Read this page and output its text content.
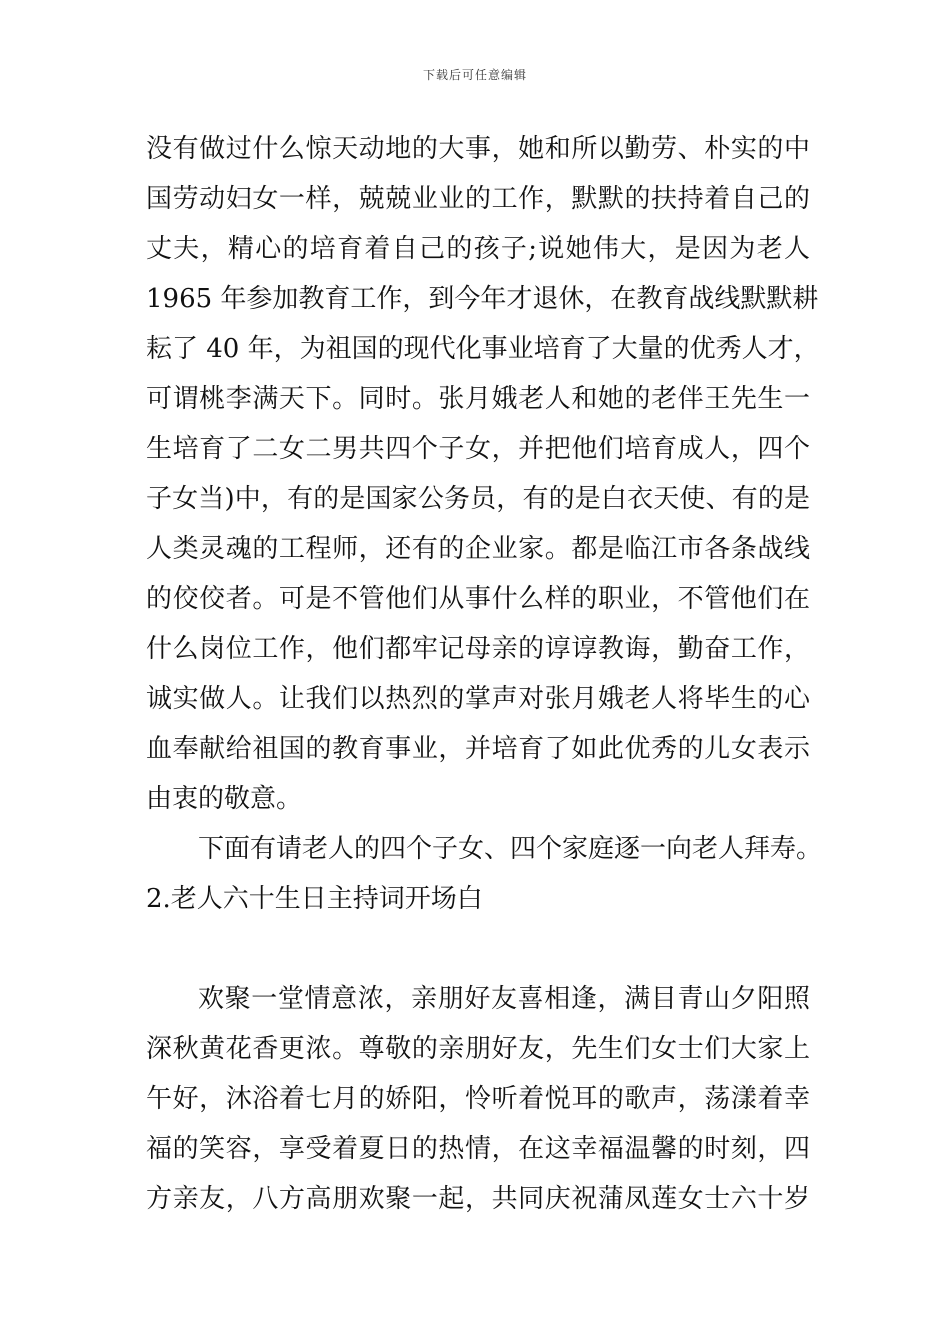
下载后可任意编辑
没有做过什么惊天动地的大事，她和所以勤劳、朴实的中
国劳动妇女一样，兢兢业业的工作，默默的扶持着自己的
丈夫，精心的培育着自己的孩子;说她伟大，是因为老人
1965 年参加教育工作，到今年才退休，在教育战线默默耕
耘了 40 年，为祖国的现代化事业培育了大量的优秀人才，
可谓桃李满天下。同时。张月娥老人和她的老伴王先生一
生培育了二女二男共四个子女，并把他们培育成人，四个
子女当)中，有的是国家公务员，有的是白衣天使、有的是
人类灵魂的工程师，还有的企业家。都是临江市各条战线
的佼佼者。可是不管他们从事什么样的职业，不管他们在
什么岗位工作，他们都牢记母亲的谆谆教诲，勤奋工作，
诚实做人。让我们以热烈的掌声对张月娥老人将毕生的心
血奉献给祖国的教育事业，并培育了如此优秀的儿女表示
由衷的敬意。
下面有请老人的四个子女、四个家庭逐一向老人拜寿。
2.老人六十生日主持词开场白
欢聚一堂情意浓，亲朋好友喜相逢，满目青山夕阳照
深秋黄花香更浓。尊敬的亲朋好友，先生们女士们大家上
午好，沐浴着七月的娇阳，怜听着悦耳的歌声，荡漾着幸
福的笑容，享受着夏日的热情，在这幸福温馨的时刻，四
方亲友，八方高朋欢聚一起，共同庆祝蒲凤莲女士六十岁
